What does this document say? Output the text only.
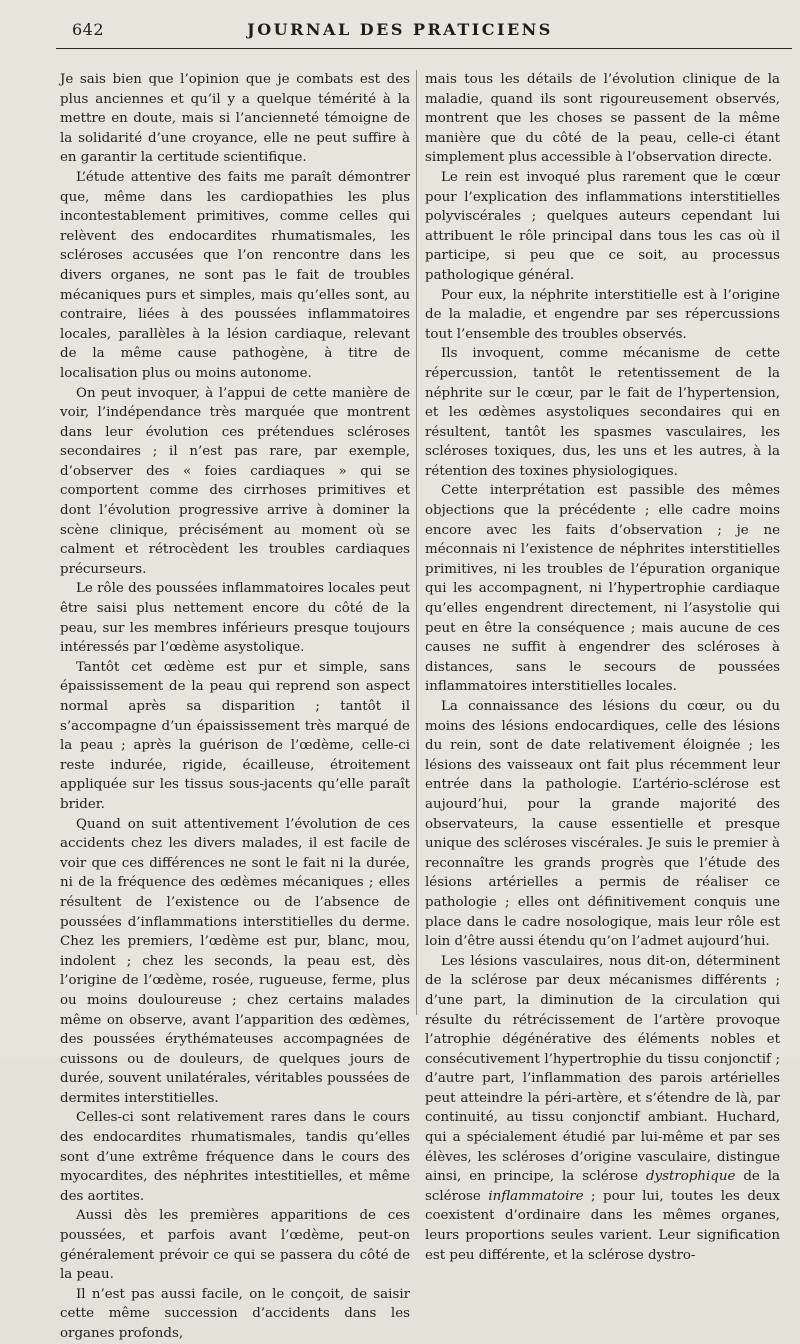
642	JOURNAL DES PRATICIENS

Je sais bien que l’opinion que je combats est des plus anciennes et qu’il y a quelque témérité à la mettre en doute, mais si l’ancienneté témoigne de la solidarité d’une croyance, elle ne peut suffire à en garantir la certitude scientifique.

L’étude attentive des faits me paraît démontrer que, même dans les cardiopathies les plus incontestablement primitives, comme celles qui relèvent des endocardites rhumatismales, les scléroses accusées que l’on rencontre dans les divers organes, ne sont pas le fait de troubles mécaniques purs et simples, mais qu’elles sont, au contraire, liées à des poussées inflammatoires locales, parallèles à la lésion cardiaque, relevant de la même cause pathogène, à titre de localisation plus ou moins autonome.

On peut invoquer, à l’appui de cette manière de voir, l’indépendance très marquée que montrent dans leur évolution ces prétendues scléroses secondaires ; il n’est pas rare, par exemple, d’observer des « foies cardiaques » qui se comportent comme des cirrhoses primitives et dont l’évolution progressive arrive à dominer la scène clinique, précisément au moment où se calment et rétrocèdent les troubles cardiaques précurseurs.

Le rôle des poussées inflammatoires locales peut être saisi plus nettement encore du côté de la peau, sur les membres inférieurs presque toujours intéressés par l’œdème asystolique.

Tantôt cet œdème est pur et simple, sans épaississement de la peau qui reprend son aspect normal après sa disparition ; tantôt il s’accompagne d’un épaississement très marqué de la peau ; après la guérison de l’œdème, celle-ci reste indurée, rigide, écailleuse, étroitement appliquée sur les tissus sous-jacents qu’elle paraît brider.

Quand on suit attentivement l’évolution de ces accidents chez les divers malades, il est facile de voir que ces différences ne sont le fait ni la durée, ni de la fréquence des œdèmes mécaniques ; elles résultent de l’existence ou de l’absence de poussées d’inflammations interstitielles du derme. Chez les premiers, l’œdème est pur, blanc, mou, indolent ; chez les seconds, la peau est, dès l’origine de l’œdème, rosée, rugueuse, ferme, plus ou moins douloureuse ; chez certains malades même on observe, avant l’apparition des œdèmes, des poussées érythémateuses accompagnées de cuissons ou de douleurs, de quelques jours de durée, souvent unilatérales, véritables poussées de dermites interstitielles.

Celles-ci sont relativement rares dans le cours des endocardites rhumatismales, tandis qu’elles sont d’une extrême fréquence dans le cours des myocardites, des néphrites intestitielles, et même des aortites.

Aussi dès les premières apparitions de ces poussées, et parfois avant l’œdème, peut-on généralement prévoir ce qui se passera du côté de la peau.

Il n’est pas aussi facile, on le conçoit, de saisir cette même succession d’accidents dans les organes profonds,

mais tous les détails de l’évolution clinique de la maladie, quand ils sont rigoureusement observés, montrent que les choses se passent de la même manière que du côté de la peau, celle-ci étant simplement plus accessible à l’observation directe.

Le rein est invoqué plus rarement que le cœur pour l’explication des inflammations interstitielles polyviscérales ; quelques auteurs cependant lui attribuent le rôle principal dans tous les cas où il participe, si peu que ce soit, au processus pathologique général.

Pour eux, la néphrite interstitielle est à l’origine de la maladie, et engendre par ses répercussions tout l’ensemble des troubles observés.

Ils invoquent, comme mécanisme de cette répercussion, tantôt le retentissement de la néphrite sur le cœur, par le fait de l’hypertension, et les œdèmes asystoliques secondaires qui en résultent, tantôt les spasmes vasculaires, les scléroses toxiques, dus, les uns et les autres, à la rétention des toxines physiologiques.

Cette interprétation est passible des mêmes objections que la précédente ; elle cadre moins encore avec les faits d’observation ; je ne méconnais ni l’existence de néphrites interstitielles primitives, ni les troubles de l’épuration organique qui les accompagnent, ni l’hypertrophie cardiaque qu’elles engendrent directement, ni l’asystolie qui peut en être la conséquence ; mais aucune de ces causes ne suffit à engendrer des scléroses à distances, sans le secours de poussées inflammatoires interstitielles locales.

La connaissance des lésions du cœur, ou du moins des lésions endocardiques, celle des lésions du rein, sont de date relativement éloignée ; les lésions des vaisseaux ont fait plus récemment leur entrée dans la pathologie. L’artério-sclérose est aujourd’hui, pour la grande majorité des observateurs, la cause essentielle et presque unique des scléroses viscérales. Je suis le premier à reconnaître les grands progrès que l’étude des lésions artérielles a permis de réaliser ce pathologie ; elles ont définitivement conquis une place dans le cadre nosologique, mais leur rôle est loin d’être aussi étendu qu’on l’admet aujourd’hui.

Les lésions vasculaires, nous dit-on, déterminent de la sclérose par deux mécanismes différents ; d’une part, la diminution de la circulation qui résulte du rétrécissement de l’artère provoque l’atrophie dégénérative des éléments nobles et consécutivement l’hypertrophie du tissu conjonctif ; d’autre part, l’inflammation des parois artérielles peut atteindre la péri-artère, et s’étendre de là, par continuité, au tissu conjonctif ambiant. Huchard, qui a spécialement étudié par lui-même et par ses élèves, les scléroses d’origine vasculaire, distingue ainsi, en principe, la sclérose dystrophique de la sclérose inflammatoire ; pour lui, toutes les deux coexistent d’ordinaire dans les mêmes organes, leurs proportions seules varient. Leur signification est peu différente, et la sclérose dystro-
